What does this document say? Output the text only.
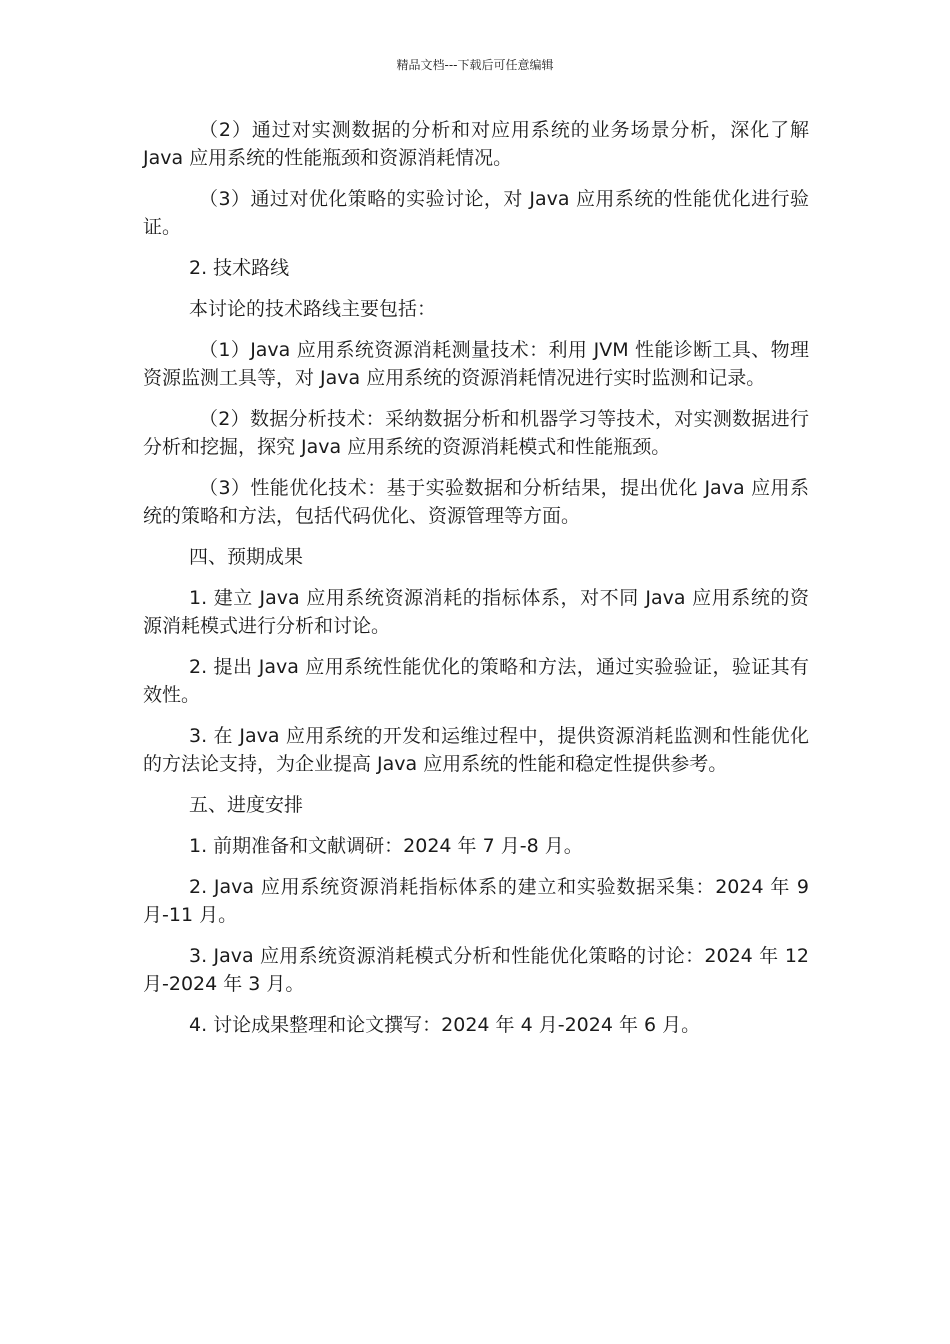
精品文档---下载后可任意编辑

（2）通过对实测数据的分析和对应用系统的业务场景分析，深化了解 Java 应用系统的性能瓶颈和资源消耗情况。

（3）通过对优化策略的实验讨论，对 Java 应用系统的性能优化进行验证。

2. 技术路线

本讨论的技术路线主要包括：

（1）Java 应用系统资源消耗测量技术：利用 JVM 性能诊断工具、物理资源监测工具等，对 Java 应用系统的资源消耗情况进行实时监测和记录。

（2）数据分析技术：采纳数据分析和机器学习等技术，对实测数据进行分析和挖掘，探究 Java 应用系统的资源消耗模式和性能瓶颈。

（3）性能优化技术：基于实验数据和分析结果，提出优化 Java 应用系统的策略和方法，包括代码优化、资源管理等方面。

四、预期成果

1. 建立 Java 应用系统资源消耗的指标体系，对不同 Java 应用系统的资源消耗模式进行分析和讨论。

2. 提出 Java 应用系统性能优化的策略和方法，通过实验验证，验证其有效性。

3. 在 Java 应用系统的开发和运维过程中，提供资源消耗监测和性能优化的方法论支持，为企业提高 Java 应用系统的性能和稳定性提供参考。

五、进度安排

1. 前期准备和文献调研：2024 年 7 月-8 月。

2. Java 应用系统资源消耗指标体系的建立和实验数据采集：2024 年 9 月-11 月。

3. Java 应用系统资源消耗模式分析和性能优化策略的讨论：2024 年 12 月-2024 年 3 月。

4. 讨论成果整理和论文撰写：2024 年 4 月-2024 年 6 月。
